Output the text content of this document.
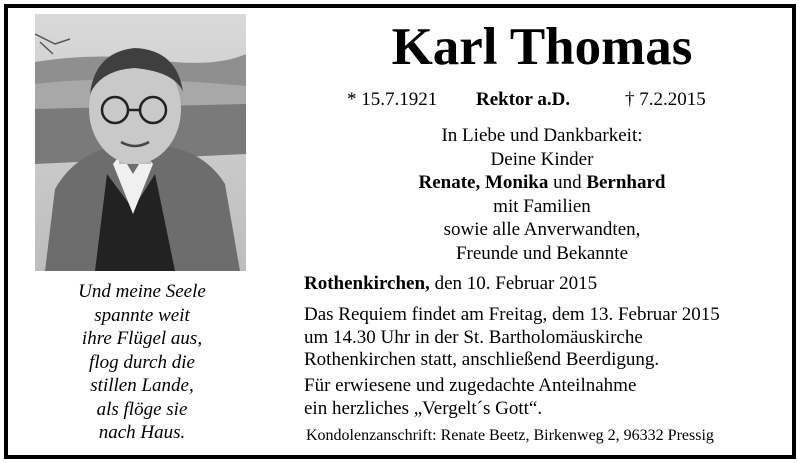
Und meine Seele
spannte weit
ihre Flügel aus,
flog durch die
stillen Lande,
als flöge sie
nach Haus.
Karl Thomas
* 15.7.1921 Rektor a.D.	† 7.2.2015
In Liebe und Dankbarkeit:
Deine Kinder
Renate, Monika und Bernhard
mit Familien
sowie alle Anverwandten,
Freunde und Bekannte
Rothenkirchen, den 10. Februar 2015
Das Requiem findet am Freitag, dem 13. Februar 2015
um 14.30 Uhr in der St. Bartholomäuskirche
Rothenkirchen statt, anschließend Beerdigung.
Für erwiesene und zugedachte Anteilnahme
ein herzliches „Vergelt´s Gott“.
Kondolenzanschrift: Renate Beetz, Birkenweg 2, 96332 Pressig
